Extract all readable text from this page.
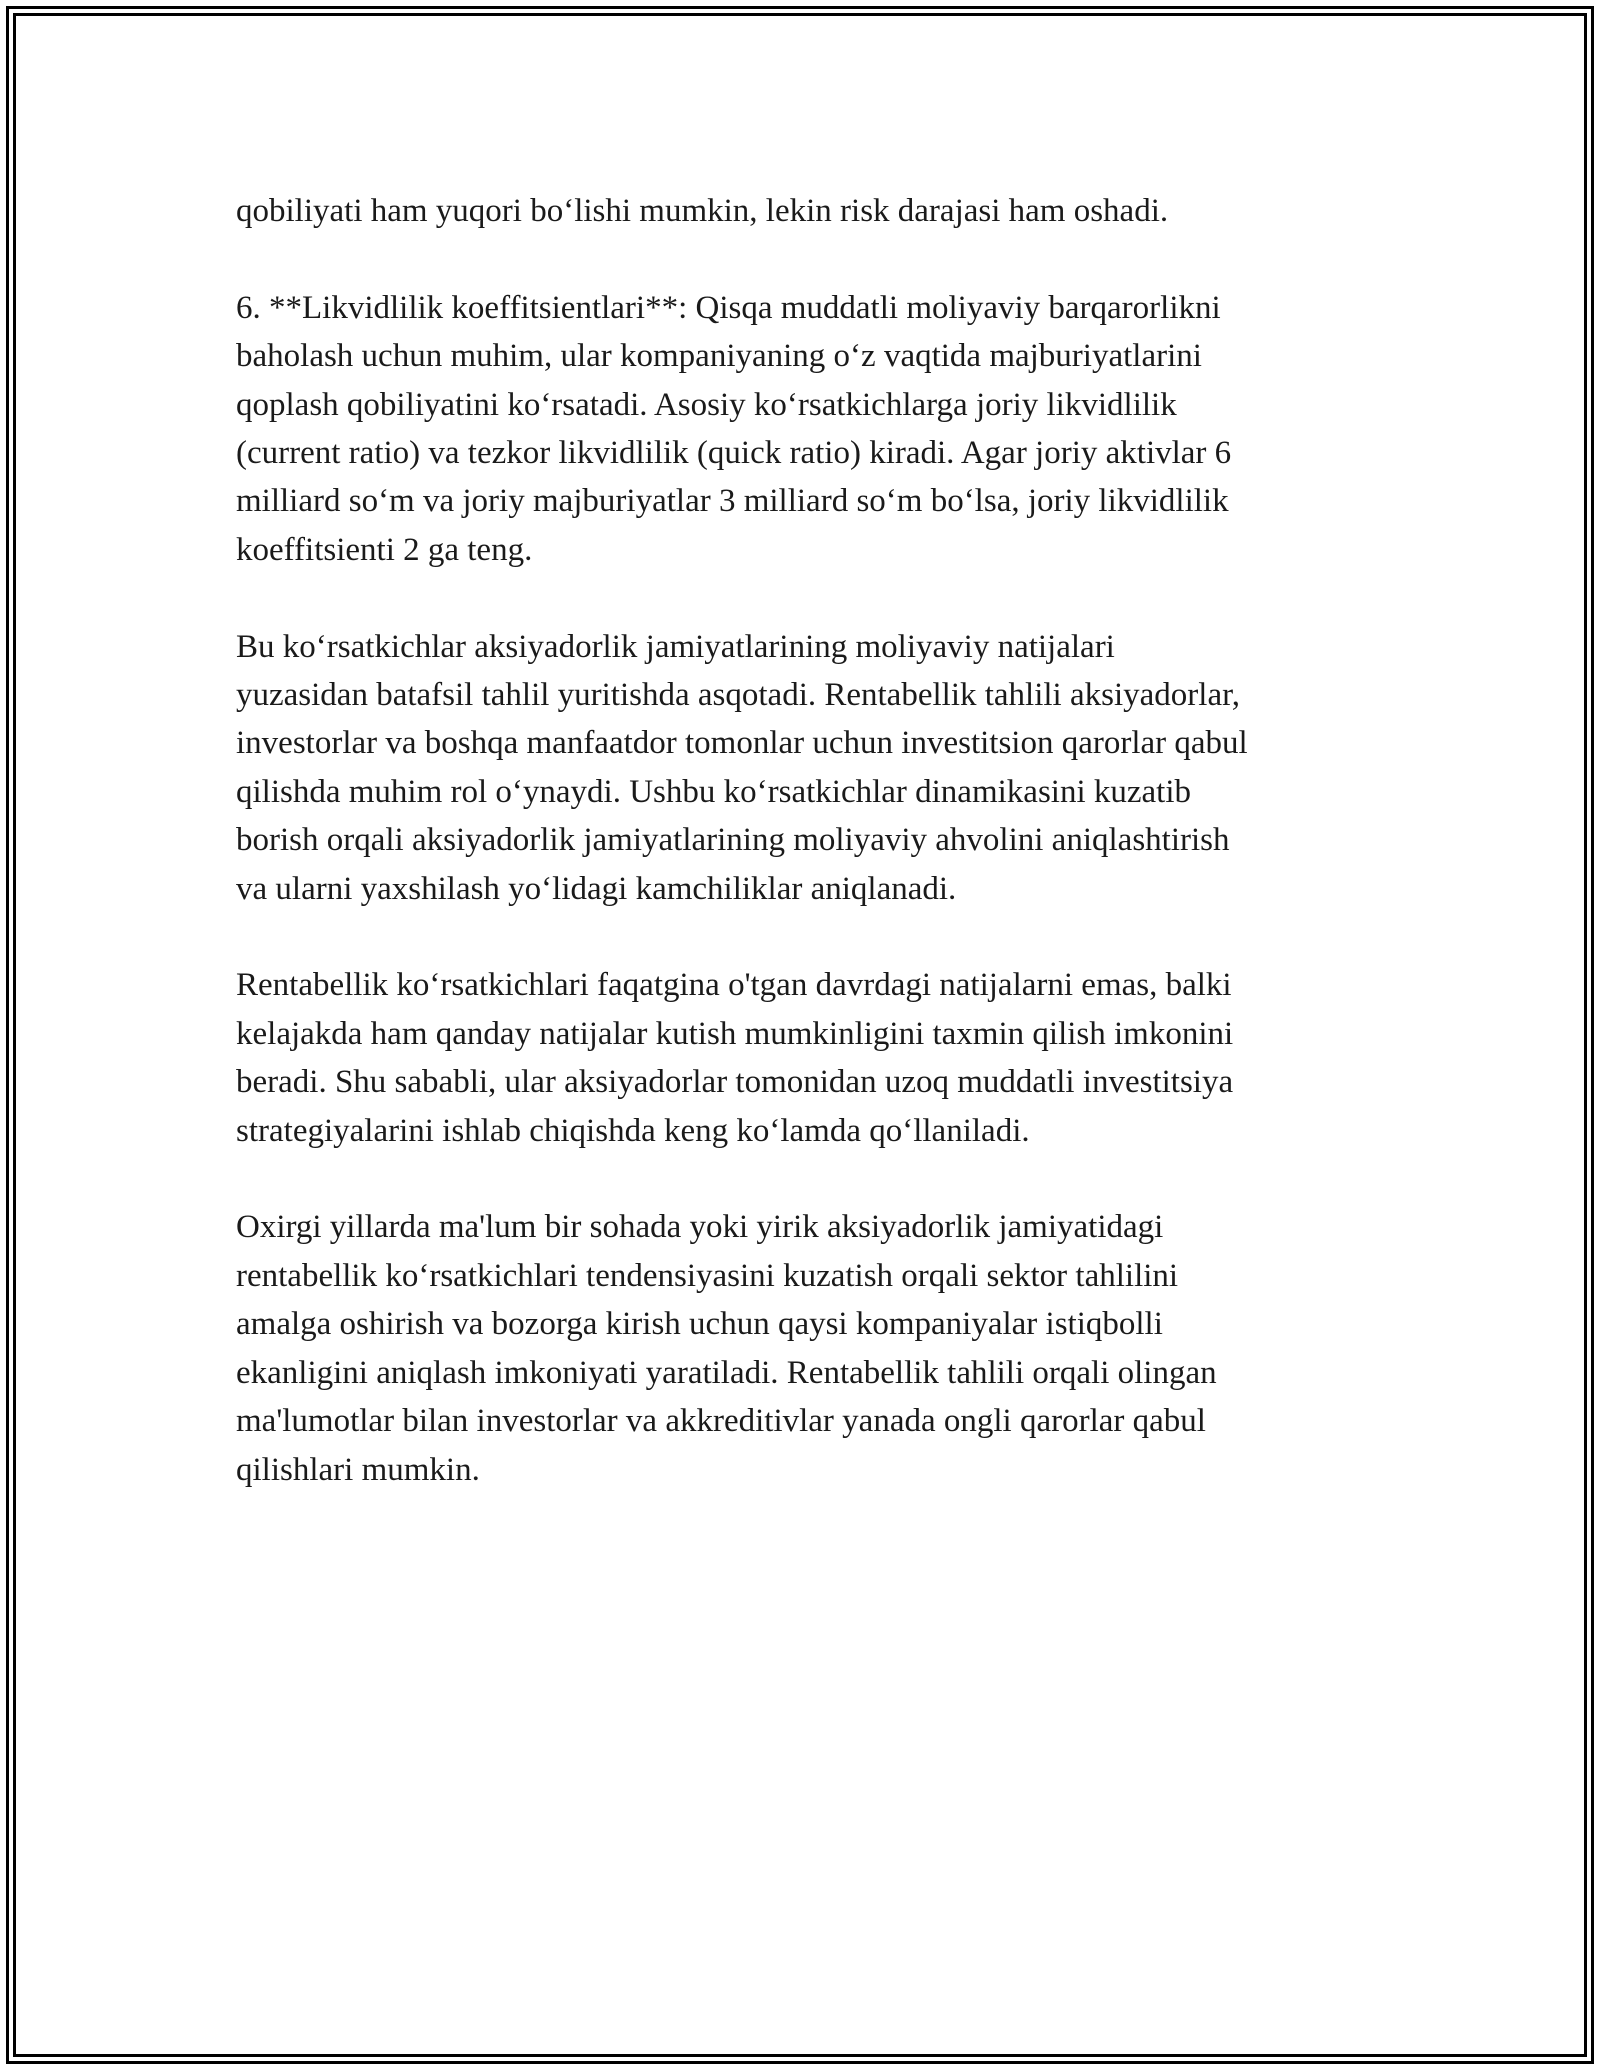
qobiliyati ham yuqori bo‘lishi mumkin, lekin risk darajasi ham oshadi.

6. **Likvidlilik koeffitsientlari**: Qisqa muddatli moliyaviy barqarorlikni
baholash uchun muhim, ular kompaniyaning o‘z vaqtida majburiyatlarini
qoplash qobiliyatini ko‘rsatadi. Asosiy ko‘rsatkichlarga joriy likvidlilik
(current ratio) va tezkor likvidlilik (quick ratio) kiradi. Agar joriy aktivlar 6
milliard so‘m va joriy majburiyatlar 3 milliard so‘m bo‘lsa, joriy likvidlilik
koeffitsienti 2 ga teng.

Bu ko‘rsatkichlar aksiyadorlik jamiyatlarining moliyaviy natijalari
yuzasidan batafsil tahlil yuritishda asqotadi. Rentabellik tahlili aksiyadorlar,
investorlar va boshqa manfaatdor tomonlar uchun investitsion qarorlar qabul
qilishda muhim rol o‘ynaydi. Ushbu ko‘rsatkichlar dinamikasini kuzatib
borish orqali aksiyadorlik jamiyatlarining moliyaviy ahvolini aniqlashtirish
va ularni yaxshilash yo‘lidagi kamchiliklar aniqlanadi.

Rentabellik ko‘rsatkichlari faqatgina o'tgan davrdagi natijalarni emas, balki
kelajakda ham qanday natijalar kutish mumkinligini taxmin qilish imkonini
beradi. Shu sababli, ular aksiyadorlar tomonidan uzoq muddatli investitsiya
strategiyalarini ishlab chiqishda keng ko‘lamda qo‘llaniladi.

Oxirgi yillarda ma'lum bir sohada yoki yirik aksiyadorlik jamiyatidagi
rentabellik ko‘rsatkichlari tendensiyasini kuzatish orqali sektor tahlilini
amalga oshirish va bozorga kirish uchun qaysi kompaniyalar istiqbolli
ekanligini aniqlash imkoniyati yaratiladi. Rentabellik tahlili orqali olingan
ma'lumotlar bilan investorlar va akkreditivlar yanada ongli qarorlar qabul
qilishlari mumkin.
